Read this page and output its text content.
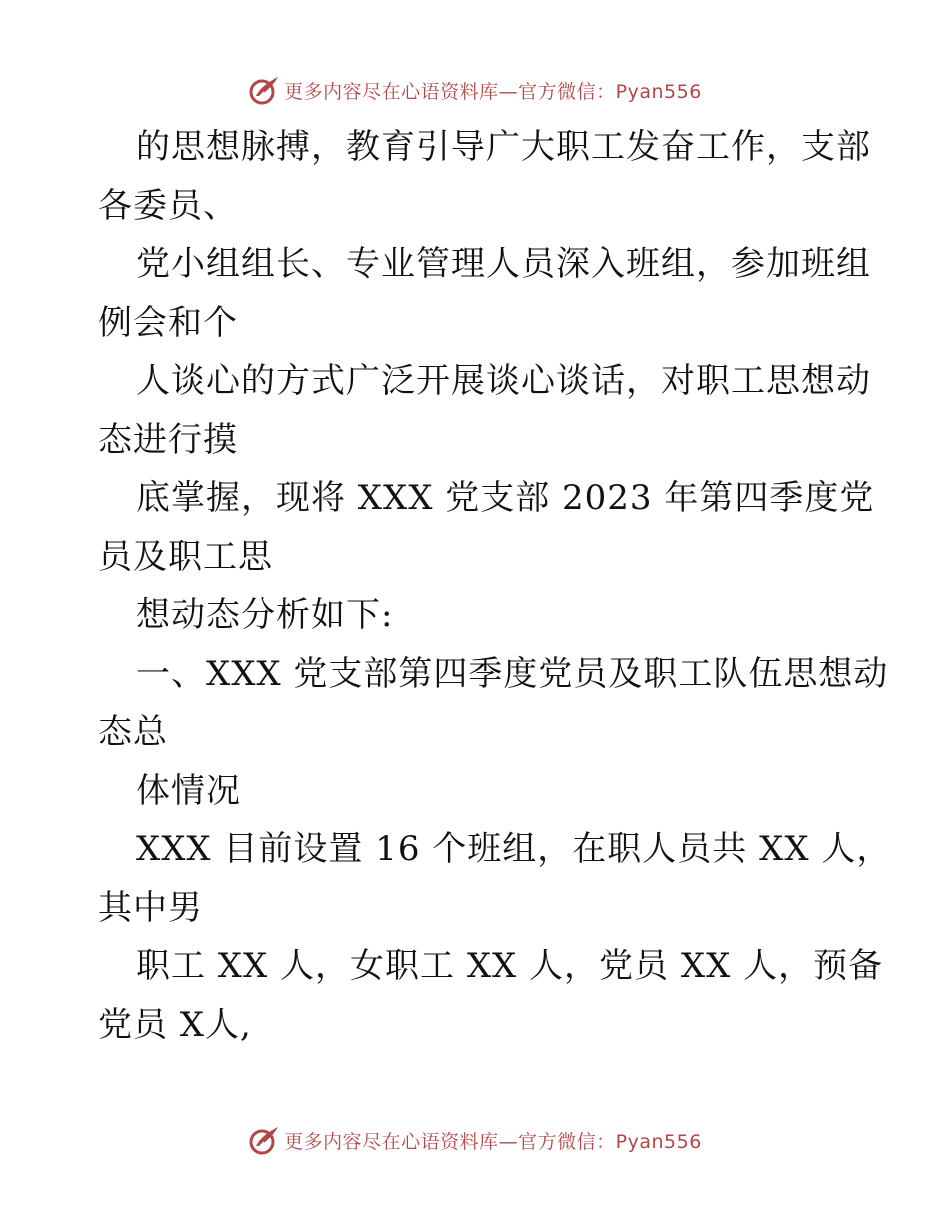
更多内容尽在心语资料库—官方微信：Pyan556
的思想脉搏，教育引导广大职工发奋工作，支部
各委员、
党小组组长、专业管理人员深入班组，参加班组
例会和个
人谈心的方式广泛开展谈心谈话，对职工思想动
态进行摸
底掌握，现将 XXX 党支部 2023 年第四季度党
员及职工思
想动态分析如下:
一、XXX 党支部第四季度党员及职工队伍思想动
态总
体情况
XXX 目前设置 16 个班组，在职人员共 XX 人，
其中男
职工 XX 人，女职工 XX 人，党员 XX 人，预备
党员 X人,
更多内容尽在心语资料库—官方微信：Pyan556
